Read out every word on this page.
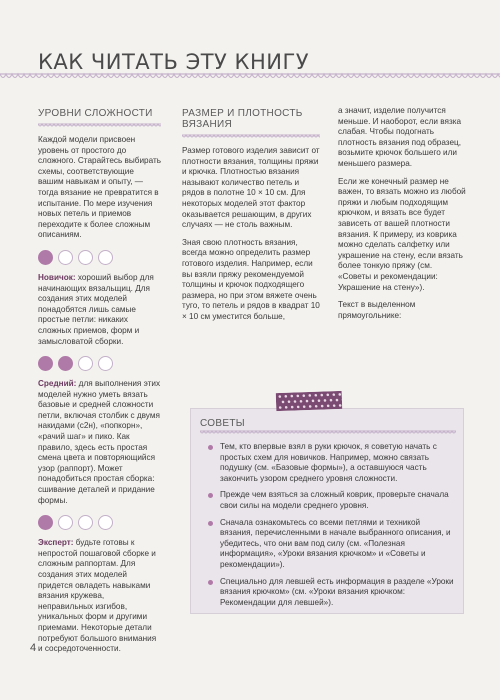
КАК ЧИТАТЬ ЭТУ КНИГУ
УРОВНИ СЛОЖНОСТИ

Каждой модели присвоен уровень от простого до сложного. Старайтесь выбирать схемы, соответствующие вашим навыкам и опыту, — тогда вязание не превратится в испытание. По мере изучения новых петель и приемов переходите к более сложным описаниям.

Новичок: хороший выбор для начинающих вязальщиц. Для создания этих моделей понадобятся лишь самые простые петли: никаких сложных приемов, форм и замысловатой сборки.

Средний: для выполнения этих моделей нужно уметь вязать базовые и средней сложности петли, включая столбик с двумя накидами (с2н), «попкорн», «рачий шаг» и пико. Как правило, здесь есть простая смена цвета и повторяющийся узор (раппорт). Может понадобиться простая сборка: сшивание деталей и придание формы.

Эксперт: будьте готовы к непростой пошаговой сборке и сложным раппортам. Для создания этих моделей придется овладеть навыками вязания кружева, неправильных изгибов, уникальных форм и другими приемами. Некоторые детали потребуют большого внимания и сосредоточенности.

РАЗМЕР И ПЛОТНОСТЬ
ВЯЗАНИЯ

Размер готового изделия зависит от плотности вязания, толщины пряжи и крючка. Плотностью вязания называют количество петель и рядов в полотне 10 × 10 см. Для некоторых моделей этот фактор оказывается решающим, в других случаях — не столь важным.

Зная свою плотность вязания, всегда можно определить размер готового изделия. Например, если вы взяли пряжу рекомендуемой толщины и крючок подходящего размера, но при этом вяжете очень туго, то петель и рядов в квадрат 10 × 10 см уместится больше,

а значит, изделие получится меньше. И наоборот, если вязка слабая. Чтобы подогнать плотность вязания под образец, возьмите крючок большего или меньшего размера.

Если же конечный размер не важен, то вязать можно из любой пряжи и любым подходящим крючком, и вязать все будет зависеть от вашей плотности вязания. К примеру, из коврика можно сделать салфетку или украшение на стену, если вязать более тонкую пряжу (см. «Советы и рекомендации: Украшение на стену»).

Текст в выделенном прямоугольнике:

СОВЕТЫ
Тем, кто впервые взял в руки крючок, я советую начать с простых схем для новичков. Например, можно связать подушку (см. «Базовые формы»), а оставшуюся часть закончить узором среднего уровня сложности.
Прежде чем взяться за сложный коврик, проверьте сначала свои силы на модели среднего уровня.
Сначала ознакомьтесь со всеми петлями и техникой вязания, перечисленными в начале выбранного описания, и убедитесь, что они вам под силу (см. «Полезная информация», «Уроки вязания крючком» и «Советы и рекомендации»).
Специально для левшей есть информация в разделе «Уроки вязания крючком» (см. «Уроки вязания крючком: Рекомендации для левшей»).
4
